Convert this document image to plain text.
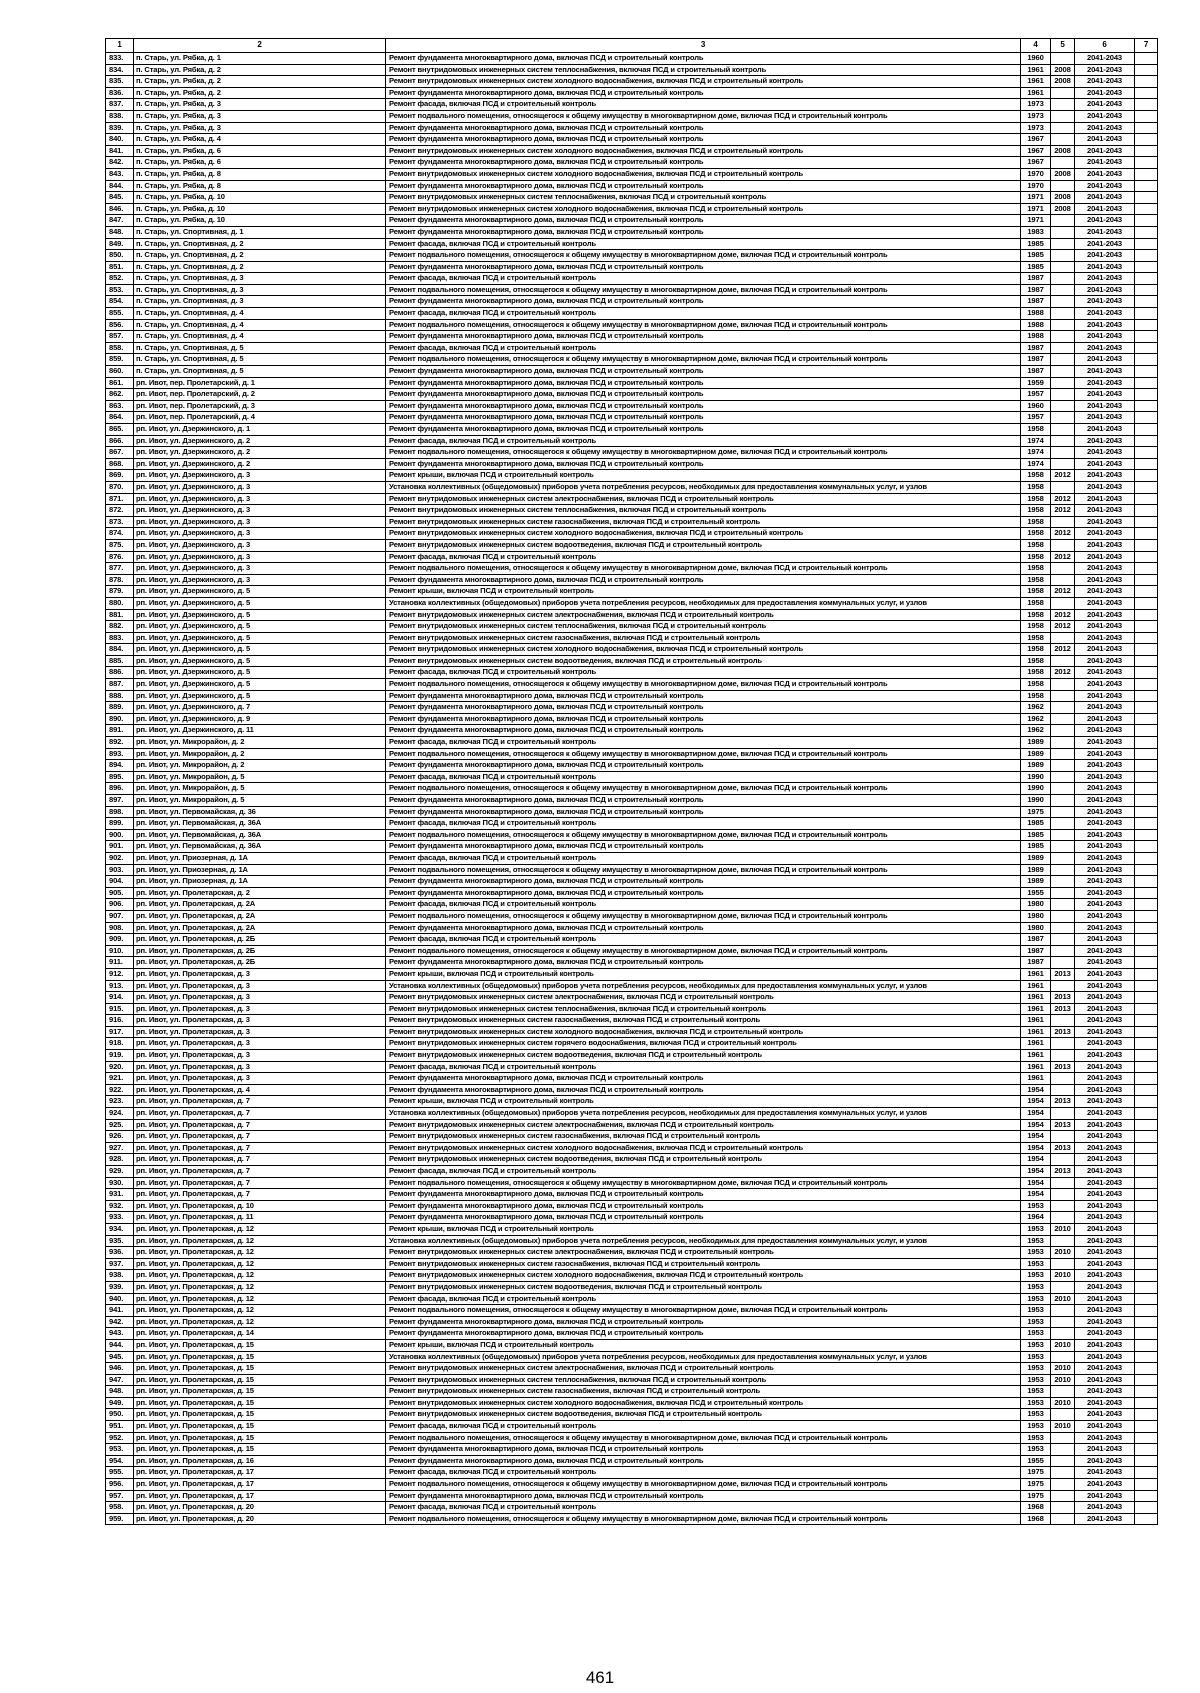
1	2	3	4	5	6	7
833.	п. Старь, ул. Рябка, д. 1	Ремонт фундамента многоквартирного дома, включая ПСД и строительный контроль	1960		2041-2043	
834.	п. Старь, ул. Рябка, д. 2	Ремонт внутридомовых инженерных систем теплоснабжения, включая ПСД и строительный контроль	1961	2008	2041-2043	
835.	п. Старь, ул. Рябка, д. 2	Ремонт внутридомовых инженерных систем холодного водоснабжения, включая ПСД и строительный контроль	1961	2008	2041-2043	
836.	п. Старь, ул. Рябка, д. 2	Ремонт фундамента многоквартирного дома, включая ПСД и строительный контроль	1961		2041-2043	
837.	п. Старь, ул. Рябка, д. 3	Ремонт фасада, включая ПСД и строительный контроль	1973		2041-2043	
838.	п. Старь, ул. Рябка, д. 3	Ремонт подвального помещения, относящегося к общему имуществу в многоквартирном доме, включая ПСД и строительный контроль	1973		2041-2043	
839.	п. Старь, ул. Рябка, д. 3	Ремонт фундамента многоквартирного дома, включая ПСД и строительный контроль	1973		2041-2043	
840.	п. Старь, ул. Рябка, д. 4	Ремонт фундамента многоквартирного дома, включая ПСД и строительный контроль	1967		2041-2043	
841.	п. Старь, ул. Рябка, д. 6	Ремонт внутридомовых инженерных систем холодного водоснабжения, включая ПСД и строительный контроль	1967	2008	2041-2043	
842.	п. Старь, ул. Рябка, д. 6	Ремонт фундамента многоквартирного дома, включая ПСД и строительный контроль	1967		2041-2043	
843.	п. Старь, ул. Рябка, д. 8	Ремонт внутридомовых инженерных систем холодного водоснабжения, включая ПСД и строительный контроль	1970	2008	2041-2043	
844.	п. Старь, ул. Рябка, д. 8	Ремонт фундамента многоквартирного дома, включая ПСД и строительный контроль	1970		2041-2043	
845.	п. Старь, ул. Рябка, д. 10	Ремонт внутридомовых инженерных систем теплоснабжения, включая ПСД и строительный контроль	1971	2008	2041-2043	
846.	п. Старь, ул. Рябка, д. 10	Ремонт внутридомовых инженерных систем холодного водоснабжения, включая ПСД и строительный контроль	1971	2008	2041-2043	
847.	п. Старь, ул. Рябка, д. 10	Ремонт фундамента многоквартирного дома, включая ПСД и строительный контроль	1971		2041-2043	
848.	п. Старь, ул. Спортивная, д. 1	Ремонт фундамента многоквартирного дома, включая ПСД и строительный контроль	1983		2041-2043	
849.	п. Старь, ул. Спортивная, д. 2	Ремонт фасада, включая ПСД и строительный контроль	1985		2041-2043	
850.	п. Старь, ул. Спортивная, д. 2	Ремонт подвального помещения, относящегося к общему имуществу в многоквартирном доме, включая ПСД и строительный контроль	1985		2041-2043	
851.	п. Старь, ул. Спортивная, д. 2	Ремонт фундамента многоквартирного дома, включая ПСД и строительный контроль	1985		2041-2043	
852.	п. Старь, ул. Спортивная, д. 3	Ремонт фасада, включая ПСД и строительный контроль	1987		2041-2043	
853.	п. Старь, ул. Спортивная, д. 3	Ремонт подвального помещения, относящегося к общему имуществу в многоквартирном доме, включая ПСД и строительный контроль	1987		2041-2043	
854.	п. Старь, ул. Спортивная, д. 3	Ремонт фундамента многоквартирного дома, включая ПСД и строительный контроль	1987		2041-2043	
855.	п. Старь, ул. Спортивная, д. 4	Ремонт фасада, включая ПСД и строительный контроль	1988		2041-2043	
856.	п. Старь, ул. Спортивная, д. 4	Ремонт подвального помещения, относящегося к общему имуществу в многоквартирном доме, включая ПСД и строительный контроль	1988		2041-2043	
857.	п. Старь, ул. Спортивная, д. 4	Ремонт фундамента многоквартирного дома, включая ПСД и строительный контроль	1988		2041-2043	
858.	п. Старь, ул. Спортивная, д. 5	Ремонт фасада, включая ПСД и строительный контроль	1987		2041-2043	
859.	п. Старь, ул. Спортивная, д. 5	Ремонт подвального помещения, относящегося к общему имуществу в многоквартирном доме, включая ПСД и строительный контроль	1987		2041-2043	
860.	п. Старь, ул. Спортивная, д. 5	Ремонт фундамента многоквартирного дома, включая ПСД и строительный контроль	1987		2041-2043	
861.	рп. Ивот, пер. Пролетарский, д. 1	Ремонт фундамента многоквартирного дома, включая ПСД и строительный контроль	1959		2041-2043	
862.	рп. Ивот, пер. Пролетарский, д. 2	Ремонт фундамента многоквартирного дома, включая ПСД и строительный контроль	1957		2041-2043	
863.	рп. Ивот, пер. Пролетарский, д. 3	Ремонт фундамента многоквартирного дома, включая ПСД и строительный контроль	1960		2041-2043	
864.	рп. Ивот, пер. Пролетарский, д. 4	Ремонт фундамента многоквартирного дома, включая ПСД и строительный контроль	1957		2041-2043	
865.	рп. Ивот, ул. Дзержинского, д. 1	Ремонт фундамента многоквартирного дома, включая ПСД и строительный контроль	1958		2041-2043	
866.	рп. Ивот, ул. Дзержинского, д. 2	Ремонт фасада, включая ПСД и строительный контроль	1974		2041-2043	
867.	рп. Ивот, ул. Дзержинского, д. 2	Ремонт подвального помещения, относящегося к общему имуществу в многоквартирном доме, включая ПСД и строительный контроль	1974		2041-2043	
868.	рп. Ивот, ул. Дзержинского, д. 2	Ремонт фундамента многоквартирного дома, включая ПСД и строительный контроль	1974		2041-2043	
869.	рп. Ивот, ул. Дзержинского, д. 3	Ремонт крыши, включая ПСД и строительный контроль	1958	2012	2041-2043	
870.	рп. Ивот, ул. Дзержинского, д. 3	Установка коллективных (общедомовых) приборов учета потребления ресурсов, необходимых для предоставления коммунальных услуг, и узлов	1958		2041-2043	
871.	рп. Ивот, ул. Дзержинского, д. 3	Ремонт внутридомовых инженерных систем электроснабжения, включая ПСД и строительный контроль	1958	2012	2041-2043	
872.	рп. Ивот, ул. Дзержинского, д. 3	Ремонт внутридомовых инженерных систем теплоснабжения, включая ПСД и строительный контроль	1958	2012	2041-2043	
873.	рп. Ивот, ул. Дзержинского, д. 3	Ремонт внутридомовых инженерных систем газоснабжения, включая ПСД и строительный контроль	1958		2041-2043	
874.	рп. Ивот, ул. Дзержинского, д. 3	Ремонт внутридомовых инженерных систем холодного водоснабжения, включая ПСД и строительный контроль	1958	2012	2041-2043	
875.	рп. Ивот, ул. Дзержинского, д. 3	Ремонт внутридомовых инженерных систем водоотведения, включая ПСД и строительный контроль	1958		2041-2043	
876.	рп. Ивот, ул. Дзержинского, д. 3	Ремонт фасада, включая ПСД и строительный контроль	1958	2012	2041-2043	
877.	рп. Ивот, ул. Дзержинского, д. 3	Ремонт подвального помещения, относящегося к общему имуществу в многоквартирном доме, включая ПСД и строительный контроль	1958		2041-2043	
878.	рп. Ивот, ул. Дзержинского, д. 3	Ремонт фундамента многоквартирного дома, включая ПСД и строительный контроль	1958		2041-2043	
879.	рп. Ивот, ул. Дзержинского, д. 5	Ремонт крыши, включая ПСД и строительный контроль	1958	2012	2041-2043	
880.	рп. Ивот, ул. Дзержинского, д. 5	Установка коллективных (общедомовых) приборов учета потребления ресурсов, необходимых для предоставления коммунальных услуг, и узлов	1958		2041-2043	
881.	рп. Ивот, ул. Дзержинского, д. 5	Ремонт внутридомовых инженерных систем электроснабжения, включая ПСД и строительный контроль	1958	2012	2041-2043	
882.	рп. Ивот, ул. Дзержинского, д. 5	Ремонт внутридомовых инженерных систем теплоснабжения, включая ПСД и строительный контроль	1958	2012	2041-2043	
883.	рп. Ивот, ул. Дзержинского, д. 5	Ремонт внутридомовых инженерных систем газоснабжения, включая ПСД и строительный контроль	1958		2041-2043	
884.	рп. Ивот, ул. Дзержинского, д. 5	Ремонт внутридомовых инженерных систем холодного водоснабжения, включая ПСД и строительный контроль	1958	2012	2041-2043	
885.	рп. Ивот, ул. Дзержинского, д. 5	Ремонт внутридомовых инженерных систем водоотведения, включая ПСД и строительный контроль	1958		2041-2043	
886.	рп. Ивот, ул. Дзержинского, д. 5	Ремонт фасада, включая ПСД и строительный контроль	1958	2012	2041-2043	
887.	рп. Ивот, ул. Дзержинского, д. 5	Ремонт подвального помещения, относящегося к общему имуществу в многоквартирном доме, включая ПСД и строительный контроль	1958		2041-2043	
888.	рп. Ивот, ул. Дзержинского, д. 5	Ремонт фундамента многоквартирного дома, включая ПСД и строительный контроль	1958		2041-2043	
889.	рп. Ивот, ул. Дзержинского, д. 7	Ремонт фундамента многоквартирного дома, включая ПСД и строительный контроль	1962		2041-2043	
890.	рп. Ивот, ул. Дзержинского, д. 9	Ремонт фундамента многоквартирного дома, включая ПСД и строительный контроль	1962		2041-2043	
891.	рп. Ивот, ул. Дзержинского, д. 11	Ремонт фундамента многоквартирного дома, включая ПСД и строительный контроль	1962		2041-2043	
892.	рп. Ивот, ул. Микрорайон, д. 2	Ремонт фасада, включая ПСД и строительный контроль	1989		2041-2043	
893.	рп. Ивот, ул. Микрорайон, д. 2	Ремонт подвального помещения, относящегося к общему имуществу в многоквартирном доме, включая ПСД и строительный контроль	1989		2041-2043	
894.	рп. Ивот, ул. Микрорайон, д. 2	Ремонт фундамента многоквартирного дома, включая ПСД и строительный контроль	1989		2041-2043	
895.	рп. Ивот, ул. Микрорайон, д. 5	Ремонт фасада, включая ПСД и строительный контроль	1990		2041-2043	
896.	рп. Ивот, ул. Микрорайон, д. 5	Ремонт подвального помещения, относящегося к общему имуществу в многоквартирном доме, включая ПСД и строительный контроль	1990		2041-2043	
897.	рп. Ивот, ул. Микрорайон, д. 5	Ремонт фундамента многоквартирного дома, включая ПСД и строительный контроль	1990		2041-2043	
898.	рп. Ивот, ул. Первомайская, д. 36	Ремонт фундамента многоквартирного дома, включая ПСД и строительный контроль	1975		2041-2043	
899.	рп. Ивот, ул. Первомайская, д. 36А	Ремонт фасада, включая ПСД и строительный контроль	1985		2041-2043	
900.	рп. Ивот, ул. Первомайская, д. 36А	Ремонт подвального помещения, относящегося к общему имуществу в многоквартирном доме, включая ПСД и строительный контроль	1985		2041-2043	
901.	рп. Ивот, ул. Первомайская, д. 36А	Ремонт фундамента многоквартирного дома, включая ПСД и строительный контроль	1985		2041-2043	
902.	рп. Ивот, ул. Приозерная, д. 1А	Ремонт фасада, включая ПСД и строительный контроль	1989		2041-2043	
903.	рп. Ивот, ул. Приозерная, д. 1А	Ремонт подвального помещения, относящегося к общему имуществу в многоквартирном доме, включая ПСД и строительный контроль	1989		2041-2043	
904.	рп. Ивот, ул. Приозерная, д. 1А	Ремонт фундамента многоквартирного дома, включая ПСД и строительный контроль	1989		2041-2043	
905.	рп. Ивот, ул. Пролетарская, д. 2	Ремонт фундамента многоквартирного дома, включая ПСД и строительный контроль	1955		2041-2043	
906.	рп. Ивот, ул. Пролетарская, д. 2А	Ремонт фасада, включая ПСД и строительный контроль	1980		2041-2043	
907.	рп. Ивот, ул. Пролетарская, д. 2А	Ремонт подвального помещения, относящегося к общему имуществу в многоквартирном доме, включая ПСД и строительный контроль	1980		2041-2043	
908.	рп. Ивот, ул. Пролетарская, д. 2А	Ремонт фундамента многоквартирного дома, включая ПСД и строительный контроль	1980		2041-2043	
909.	рп. Ивот, ул. Пролетарская, д. 2Б	Ремонт фасада, включая ПСД и строительный контроль	1987		2041-2043	
910.	рп. Ивот, ул. Пролетарская, д. 2Б	Ремонт подвального помещения, относящегося к общему имуществу в многоквартирном доме, включая ПСД и строительный контроль	1987		2041-2043	
911.	рп. Ивот, ул. Пролетарская, д. 2Б	Ремонт фундамента многоквартирного дома, включая ПСД и строительный контроль	1987		2041-2043	
912.	рп. Ивот, ул. Пролетарская, д. 3	Ремонт крыши, включая ПСД и строительный контроль	1961	2013	2041-2043	
913.	рп. Ивот, ул. Пролетарская, д. 3	Установка коллективных (общедомовых) приборов учета потребления ресурсов, необходимых для предоставления коммунальных услуг, и узлов	1961		2041-2043	
914.	рп. Ивот, ул. Пролетарская, д. 3	Ремонт внутридомовых инженерных систем электроснабжения, включая ПСД и строительный контроль	1961	2013	2041-2043	
915.	рп. Ивот, ул. Пролетарская, д. 3	Ремонт внутридомовых инженерных систем теплоснабжения, включая ПСД и строительный контроль	1961	2013	2041-2043	
916.	рп. Ивот, ул. Пролетарская, д. 3	Ремонт внутридомовых инженерных систем газоснабжения, включая ПСД и строительный контроль	1961		2041-2043	
917.	рп. Ивот, ул. Пролетарская, д. 3	Ремонт внутридомовых инженерных систем холодного водоснабжения, включая ПСД и строительный контроль	1961	2013	2041-2043	
918.	рп. Ивот, ул. Пролетарская, д. 3	Ремонт внутридомовых инженерных систем горячего водоснабжения, включая ПСД и строительный контроль	1961		2041-2043	
919.	рп. Ивот, ул. Пролетарская, д. 3	Ремонт внутридомовых инженерных систем водоотведения, включая ПСД и строительный контроль	1961		2041-2043	
920.	рп. Ивот, ул. Пролетарская, д. 3	Ремонт фасада, включая ПСД и строительный контроль	1961	2013	2041-2043	
921.	рп. Ивот, ул. Пролетарская, д. 3	Ремонт фундамента многоквартирного дома, включая ПСД и строительный контроль	1961		2041-2043	
922.	рп. Ивот, ул. Пролетарская, д. 4	Ремонт фундамента многоквартирного дома, включая ПСД и строительный контроль	1954		2041-2043	
923.	рп. Ивот, ул. Пролетарская, д. 7	Ремонт крыши, включая ПСД и строительный контроль	1954	2013	2041-2043	
924.	рп. Ивот, ул. Пролетарская, д. 7	Установка коллективных (общедомовых) приборов учета потребления ресурсов, необходимых для предоставления коммунальных услуг, и узлов	1954		2041-2043	
925.	рп. Ивот, ул. Пролетарская, д. 7	Ремонт внутридомовых инженерных систем электроснабжения, включая ПСД и строительный контроль	1954	2013	2041-2043	
926.	рп. Ивот, ул. Пролетарская, д. 7	Ремонт внутридомовых инженерных систем газоснабжения, включая ПСД и строительный контроль	1954		2041-2043	
927.	рп. Ивот, ул. Пролетарская, д. 7	Ремонт внутридомовых инженерных систем холодного водоснабжения, включая ПСД и строительный контроль	1954	2013	2041-2043	
928.	рп. Ивот, ул. Пролетарская, д. 7	Ремонт внутридомовых инженерных систем водоотведения, включая ПСД и строительный контроль	1954		2041-2043	
929.	рп. Ивот, ул. Пролетарская, д. 7	Ремонт фасада, включая ПСД и строительный контроль	1954	2013	2041-2043	
930.	рп. Ивот, ул. Пролетарская, д. 7	Ремонт подвального помещения, относящегося к общему имуществу в многоквартирном доме, включая ПСД и строительный контроль	1954		2041-2043	
931.	рп. Ивот, ул. Пролетарская, д. 7	Ремонт фундамента многоквартирного дома, включая ПСД и строительный контроль	1954		2041-2043	
932.	рп. Ивот, ул. Пролетарская, д. 10	Ремонт фундамента многоквартирного дома, включая ПСД и строительный контроль	1953		2041-2043	
933.	рп. Ивот, ул. Пролетарская, д. 11	Ремонт фундамента многоквартирного дома, включая ПСД и строительный контроль	1964		2041-2043	
934.	рп. Ивот, ул. Пролетарская, д. 12	Ремонт крыши, включая ПСД и строительный контроль	1953	2010	2041-2043	
935.	рп. Ивот, ул. Пролетарская, д. 12	Установка коллективных (общедомовых) приборов учета потребления ресурсов, необходимых для предоставления коммунальных услуг, и узлов	1953		2041-2043	
936.	рп. Ивот, ул. Пролетарская, д. 12	Ремонт внутридомовых инженерных систем электроснабжения, включая ПСД и строительный контроль	1953	2010	2041-2043	
937.	рп. Ивот, ул. Пролетарская, д. 12	Ремонт внутридомовых инженерных систем газоснабжения, включая ПСД и строительный контроль	1953		2041-2043	
938.	рп. Ивот, ул. Пролетарская, д. 12	Ремонт внутридомовых инженерных систем холодного водоснабжения, включая ПСД и строительный контроль	1953	2010	2041-2043	
939.	рп. Ивот, ул. Пролетарская, д. 12	Ремонт внутридомовых инженерных систем водоотведения, включая ПСД и строительный контроль	1953		2041-2043	
940.	рп. Ивот, ул. Пролетарская, д. 12	Ремонт фасада, включая ПСД и строительный контроль	1953	2010	2041-2043	
941.	рп. Ивот, ул. Пролетарская, д. 12	Ремонт подвального помещения, относящегося к общему имуществу в многоквартирном доме, включая ПСД и строительный контроль	1953		2041-2043	
942.	рп. Ивот, ул. Пролетарская, д. 12	Ремонт фундамента многоквартирного дома, включая ПСД и строительный контроль	1953		2041-2043	
943.	рп. Ивот, ул. Пролетарская, д. 14	Ремонт фундамента многоквартирного дома, включая ПСД и строительный контроль	1953		2041-2043	
944.	рп. Ивот, ул. Пролетарская, д. 15	Ремонт крыши, включая ПСД и строительный контроль	1953	2010	2041-2043	
945.	рп. Ивот, ул. Пролетарская, д. 15	Установка коллективных (общедомовых) приборов учета потребления ресурсов, необходимых для предоставления коммунальных услуг, и узлов	1953		2041-2043	
946.	рп. Ивот, ул. Пролетарская, д. 15	Ремонт внутридомовых инженерных систем электроснабжения, включая ПСД и строительный контроль	1953	2010	2041-2043	
947.	рп. Ивот, ул. Пролетарская, д. 15	Ремонт внутридомовых инженерных систем теплоснабжения, включая ПСД и строительный контроль	1953	2010	2041-2043	
948.	рп. Ивот, ул. Пролетарская, д. 15	Ремонт внутридомовых инженерных систем газоснабжения, включая ПСД и строительный контроль	1953		2041-2043	
949.	рп. Ивот, ул. Пролетарская, д. 15	Ремонт внутридомовых инженерных систем холодного водоснабжения, включая ПСД и строительный контроль	1953	2010	2041-2043	
950.	рп. Ивот, ул. Пролетарская, д. 15	Ремонт внутридомовых инженерных систем водоотведения, включая ПСД и строительный контроль	1953		2041-2043	
951.	рп. Ивот, ул. Пролетарская, д. 15	Ремонт фасада, включая ПСД и строительный контроль	1953	2010	2041-2043	
952.	рп. Ивот, ул. Пролетарская, д. 15	Ремонт подвального помещения, относящегося к общему имуществу в многоквартирном доме, включая ПСД и строительный контроль	1953		2041-2043	
953.	рп. Ивот, ул. Пролетарская, д. 15	Ремонт фундамента многоквартирного дома, включая ПСД и строительный контроль	1953		2041-2043	
954.	рп. Ивот, ул. Пролетарская, д. 16	Ремонт фундамента многоквартирного дома, включая ПСД и строительный контроль	1955		2041-2043	
955.	рп. Ивот, ул. Пролетарская, д. 17	Ремонт фасада, включая ПСД и строительный контроль	1975		2041-2043	
956.	рп. Ивот, ул. Пролетарская, д. 17	Ремонт подвального помещения, относящегося к общему имуществу в многоквартирном доме, включая ПСД и строительный контроль	1975		2041-2043	
957.	рп. Ивот, ул. Пролетарская, д. 17	Ремонт фундамента многоквартирного дома, включая ПСД и строительный контроль	1975		2041-2043	
958.	рп. Ивот, ул. Пролетарская, д. 20	Ремонт фасада, включая ПСД и строительный контроль	1968		2041-2043	
959.	рп. Ивот, ул. Пролетарская, д. 20	Ремонт подвального помещения, относящегося к общему имуществу в многоквартирном доме, включая ПСД и строительный контроль	1968		2041-2043	
461
